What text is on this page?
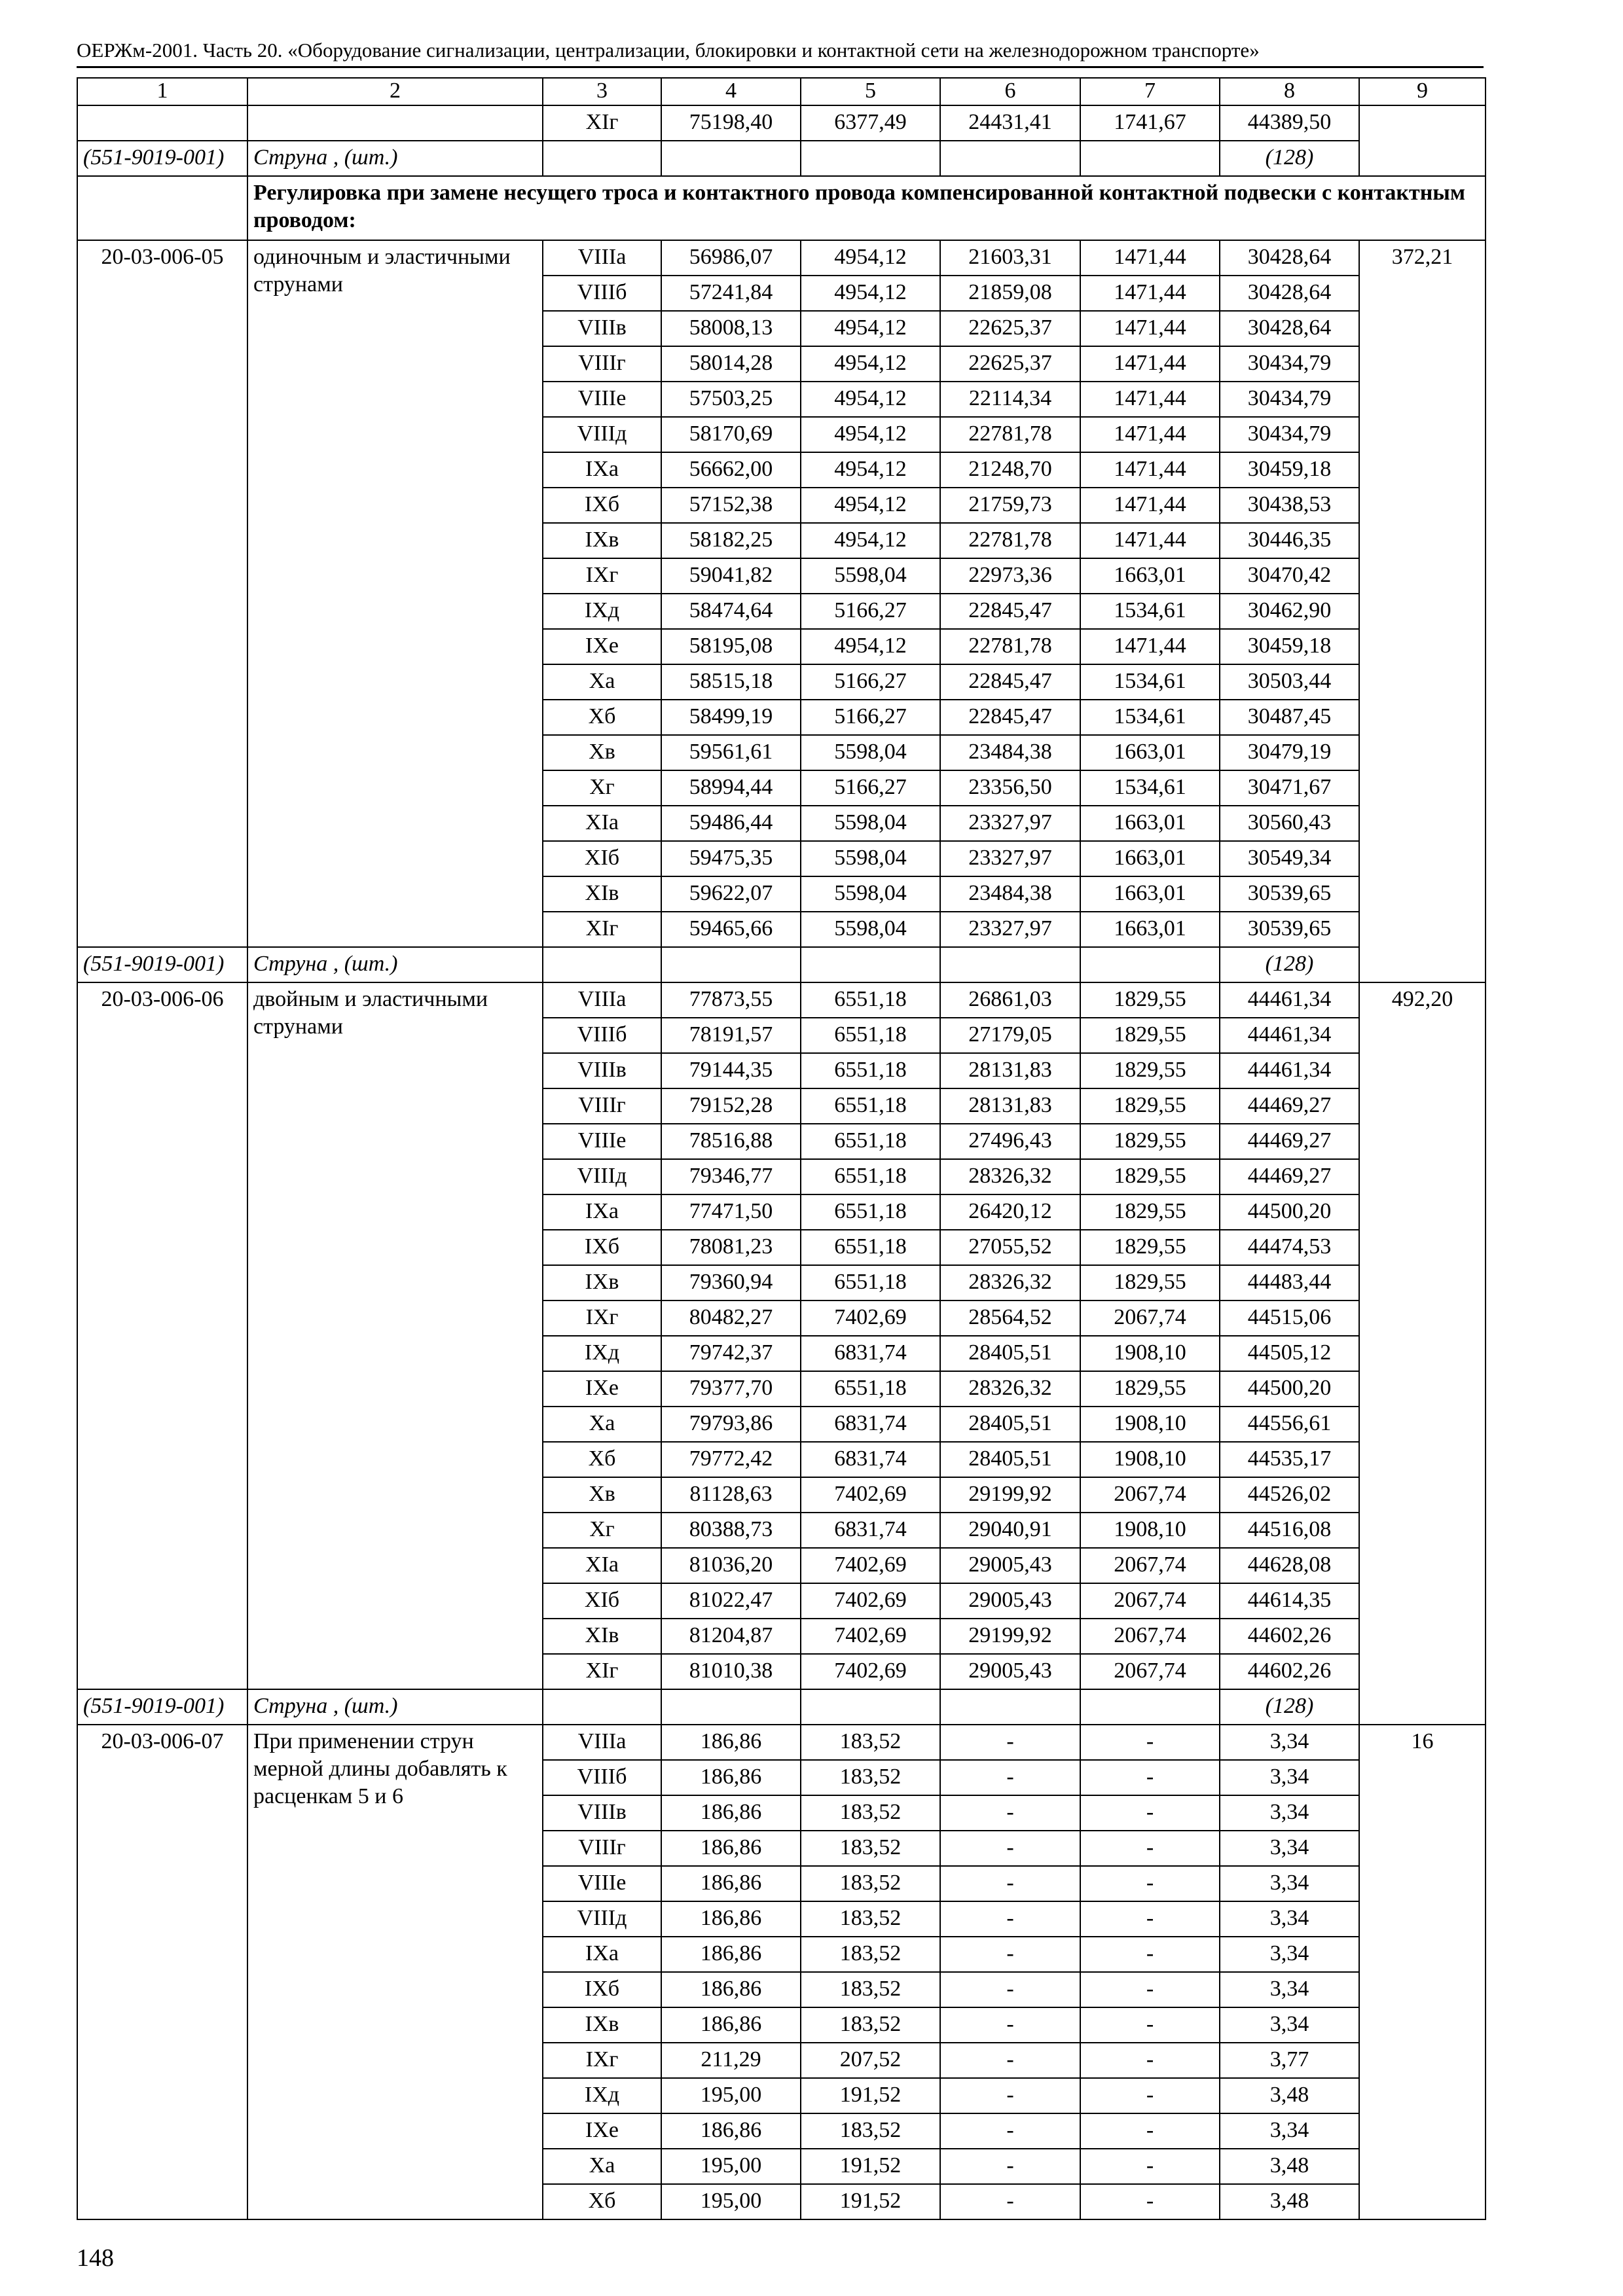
ОЕРЖм-2001. Часть 20. «Оборудование сигнализации, централизации, блокировки и контактной сети на железнодорожном транспорте»
1	2	3	4	5	6	7	8	9
		ХIг	75198,40	6377,49	24431,41	1741,67	44389,50	
(551-9019-001)	Струна , (шт.)						(128)	
	Регулировка при замене несущего троса и контактного провода компенсированной контактной подвески с контактным проводом:							
20-03-006-05	одиночным и эластичными струнами	VIIIа	56986,07	4954,12	21603,31	1471,44	30428,64	372,21
		VIIIб	57241,84	4954,12	21859,08	1471,44	30428,64	
		VIIIв	58008,13	4954,12	22625,37	1471,44	30428,64	
		VIIIг	58014,28	4954,12	22625,37	1471,44	30434,79	
		VIIIе	57503,25	4954,12	22114,34	1471,44	30434,79	
		VIIIд	58170,69	4954,12	22781,78	1471,44	30434,79	
		IХа	56662,00	4954,12	21248,70	1471,44	30459,18	
		IХб	57152,38	4954,12	21759,73	1471,44	30438,53	
		IХв	58182,25	4954,12	22781,78	1471,44	30446,35	
		IХг	59041,82	5598,04	22973,36	1663,01	30470,42	
		IХд	58474,64	5166,27	22845,47	1534,61	30462,90	
		IХе	58195,08	4954,12	22781,78	1471,44	30459,18	
		Ха	58515,18	5166,27	22845,47	1534,61	30503,44	
		Хб	58499,19	5166,27	22845,47	1534,61	30487,45	
		Хв	59561,61	5598,04	23484,38	1663,01	30479,19	
		Хг	58994,44	5166,27	23356,50	1534,61	30471,67	
		ХIа	59486,44	5598,04	23327,97	1663,01	30560,43	
		ХIб	59475,35	5598,04	23327,97	1663,01	30549,34	
		ХIв	59622,07	5598,04	23484,38	1663,01	30539,65	
		ХIг	59465,66	5598,04	23327,97	1663,01	30539,65	
(551-9019-001)	Струна , (шт.)						(128)	
20-03-006-06	двойным и эластичными струнами	VIIIа	77873,55	6551,18	26861,03	1829,55	44461,34	492,20
		VIIIб	78191,57	6551,18	27179,05	1829,55	44461,34	
		VIIIв	79144,35	6551,18	28131,83	1829,55	44461,34	
		VIIIг	79152,28	6551,18	28131,83	1829,55	44469,27	
		VIIIе	78516,88	6551,18	27496,43	1829,55	44469,27	
		VIIIд	79346,77	6551,18	28326,32	1829,55	44469,27	
		IХа	77471,50	6551,18	26420,12	1829,55	44500,20	
		IХб	78081,23	6551,18	27055,52	1829,55	44474,53	
		IХв	79360,94	6551,18	28326,32	1829,55	44483,44	
		IХг	80482,27	7402,69	28564,52	2067,74	44515,06	
		IХд	79742,37	6831,74	28405,51	1908,10	44505,12	
		IХе	79377,70	6551,18	28326,32	1829,55	44500,20	
		Ха	79793,86	6831,74	28405,51	1908,10	44556,61	
		Хб	79772,42	6831,74	28405,51	1908,10	44535,17	
		Хв	81128,63	7402,69	29199,92	2067,74	44526,02	
		Хг	80388,73	6831,74	29040,91	1908,10	44516,08	
		ХIа	81036,20	7402,69	29005,43	2067,74	44628,08	
		ХIб	81022,47	7402,69	29005,43	2067,74	44614,35	
		ХIв	81204,87	7402,69	29199,92	2067,74	44602,26	
		ХIг	81010,38	7402,69	29005,43	2067,74	44602,26	
(551-9019-001)	Струна , (шт.)						(128)	
20-03-006-07	При применении струн мерной длины добавлять к расценкам 5 и 6	VIIIа	186,86	183,52	-	-	3,34	16
		VIIIб	186,86	183,52	-	-	3,34	
		VIIIв	186,86	183,52	-	-	3,34	
		VIIIг	186,86	183,52	-	-	3,34	
		VIIIе	186,86	183,52	-	-	3,34	
		VIIIд	186,86	183,52	-	-	3,34	
		IХа	186,86	183,52	-	-	3,34	
		IХб	186,86	183,52	-	-	3,34	
		IХв	186,86	183,52	-	-	3,34	
		IХг	211,29	207,52	-	-	3,77	
		IХд	195,00	191,52	-	-	3,48	
		IХе	186,86	183,52	-	-	3,34	
		Ха	195,00	191,52	-	-	3,48	
		Хб	195,00	191,52	-	-	3,48	
148
